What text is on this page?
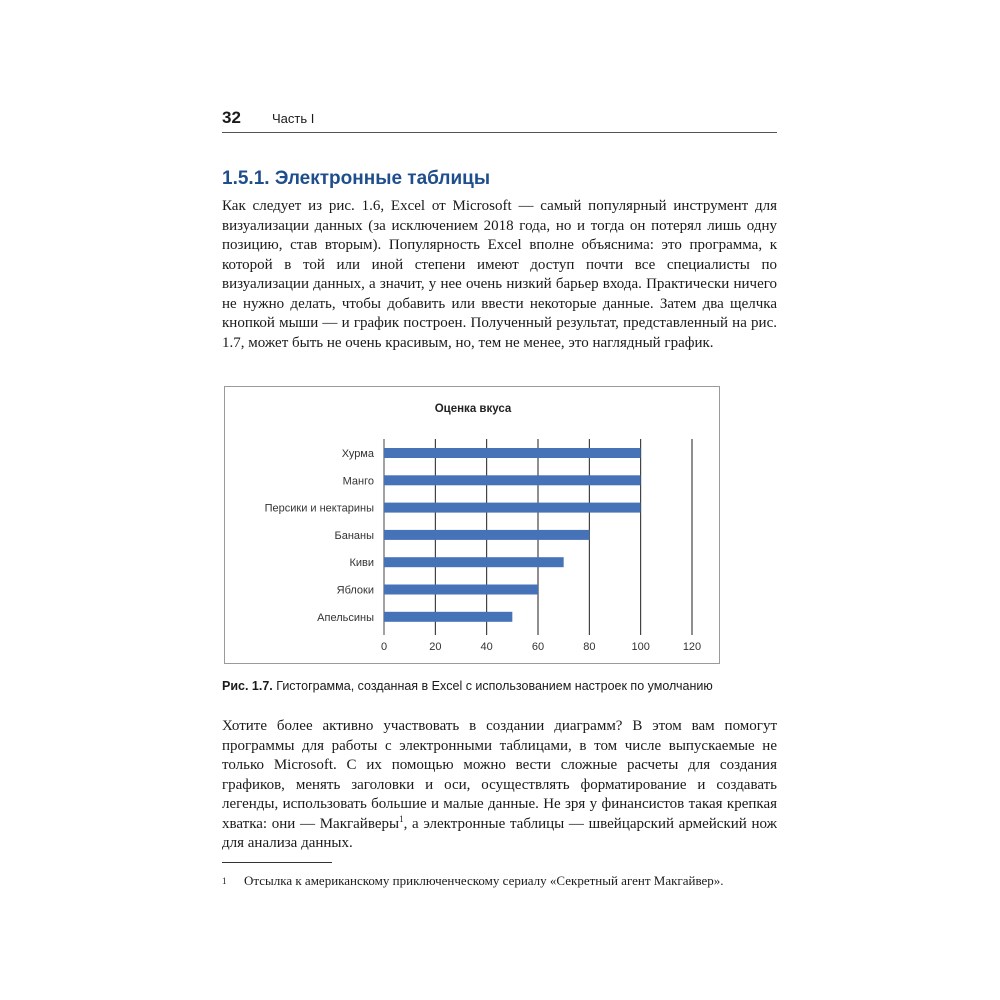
32 Часть I
1.5.1. Электронные таблицы

Как следует из рис. 1.6, Excel от Microsoft — самый популярный инструмент для визуализации данных (за исключением 2018 года, но и тогда он потерял лишь одну позицию, став вторым). Популярность Excel вполне объяснима: это программа, к которой в той или иной степени имеют доступ почти все специалисты по визуализации данных, а значит, у нее очень низкий барьер входа. Практически ничего не нужно делать, чтобы добавить или ввести некоторые данные. Затем два щелчка кнопкой мыши — и график построен. Полученный результат, представленный на рис. 1.7, может быть не очень красивым, но, тем не менее, это наглядный график.

Оценка вкуса
Хурма
Манго
Персики и нектарины
Бананы
Киви
Яблоки
Апельсины
0	20	40	60	80	100	120

Рис. 1.7. Гистограмма, созданная в Excel с использованием настроек по умолчанию

Хотите более активно участвовать в создании диаграмм? В этом вам помогут программы для работы с электронными таблицами, в том числе выпускаемые не только Microsoft. С их помощью можно вести сложные расчеты для создания графиков, менять заголовки и оси, осуществлять форматирование и создавать легенды, использовать большие и малые данные. Не зря у финансистов такая крепкая хватка: они — Макгайверы$^1$, а электронные таблицы — швейцарский армейский нож для анализа данных.

1 Отсылка к американскому приключенческому сериалу «Секретный агент Макгайвер».
